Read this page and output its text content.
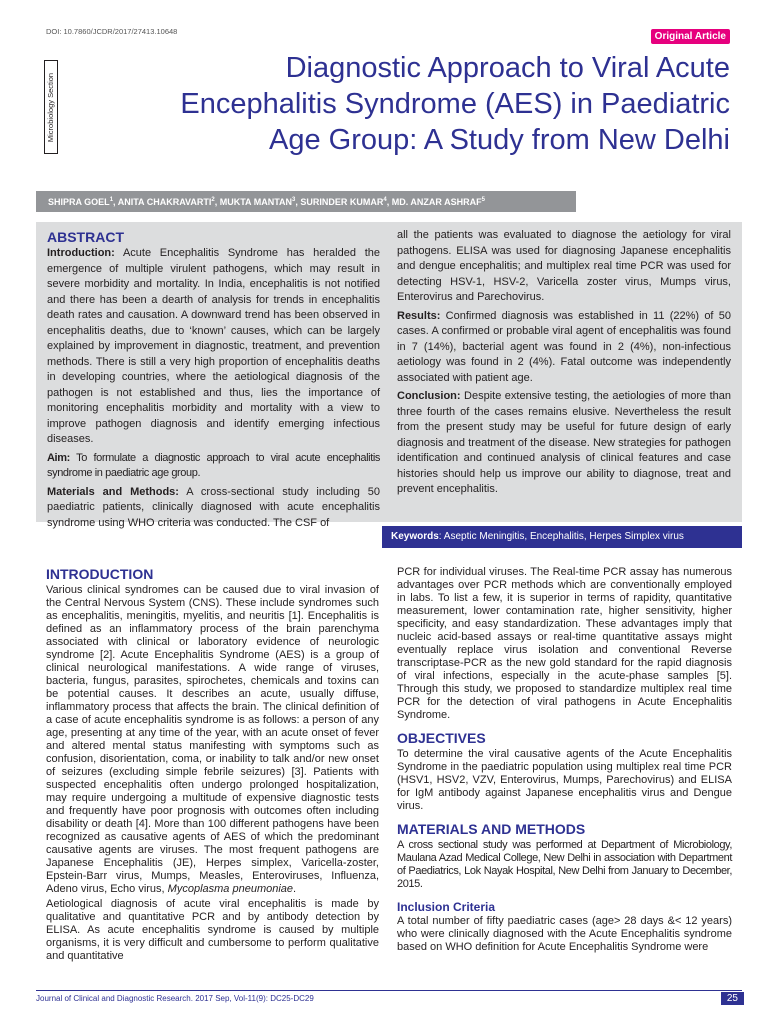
DOI: 10.7860/JCDR/2017/27413.10648	Original Article
Microbiology Section
Diagnostic Approach to Viral Acute
Encephalitis Syndrome (AES) in Paediatric
Age Group: A Study from New Delhi
SHIPRA GOEL$^1$, ANITA CHAKRAVARTI$^2$, MUKTA MANTAN$^3$, SURINDER KUMAR$^4$, MD. ANZAR ASHRAF$^5$
ABSTRACT

Introduction: Acute Encephalitis Syndrome has heralded the emergence of multiple virulent pathogens, which may result in severe morbidity and mortality. In India, encephalitis is not notified and there has been a dearth of analysis for trends in encephalitis death rates and causation. A downward trend has been observed in encephalitis deaths, due to ‘known’ causes, which can be largely explained by improvement in diagnostic, treatment, and prevention methods. There is still a very high proportion of encephalitis deaths in developing countries, where the aetiological diagnosis of the pathogen is not established and thus, lies the importance of monitoring encephalitis morbidity and mortality with a view to improve pathogen diagnosis and identify emerging infectious diseases.

Aim: To formulate a diagnostic approach to viral acute encephalitis syndrome in paediatric age group.

Materials and Methods: A cross-sectional study including 50 paediatric patients, clinically diagnosed with acute encephalitis syndrome using WHO criteria was conducted. The CSF of

all the patients was evaluated to diagnose the aetiology for viral pathogens. ELISA was used for diagnosing Japanese encephalitis and dengue encephalitis; and multiplex real time PCR was used for detecting HSV-1, HSV-2, Varicella zoster virus, Mumps virus, Enterovirus and Parechovirus.

Results: Confirmed diagnosis was established in 11 (22%) of 50 cases. A confirmed or probable viral agent of encephalitis was found in 7 (14%), bacterial agent was found in 2 (4%), non-infectious aetiology was found in 2 (4%). Fatal outcome was independently associated with patient age.

Conclusion: Despite extensive testing, the aetiologies of more than three fourth of the cases remains elusive. Nevertheless the result from the present study may be useful for future design of early diagnosis and treatment of the disease. New strategies for pathogen identification and continued analysis of clinical features and case histories should help us improve our ability to diagnose, treat and prevent encephalitis.

Keywords: Aseptic Meningitis, Encephalitis, Herpes Simplex virus
INTRODUCTION

Various clinical syndromes can be caused due to viral invasion of the Central Nervous System (CNS). These include syndromes such as encephalitis, meningitis, myelitis, and neuritis [1]. Encephalitis is defined as an inflammatory process of the brain parenchyma associated with clinical or laboratory evidence of neurologic syndrome [2]. Acute Encephalitis Syndrome (AES) is a group of clinical neurological manifestations. A wide range of viruses, bacteria, fungus, parasites, spirochetes, chemicals and toxins can be potential causes. It describes an acute, usually diffuse, inflammatory process that affects the brain. The clinical definition of a case of acute encephalitis syndrome is as follows: a person of any age, presenting at any time of the year, with an acute onset of fever and altered mental status manifesting with symptoms such as confusion, disorientation, coma, or inability to talk and/or new onset of seizures (excluding simple febrile seizures) [3]. Patients with suspected encephalitis often undergo prolonged hospitalization, may require undergoing a multitude of expensive diagnostic tests and frequently have poor prognosis with outcomes often including disability or death [4]. More than 100 different pathogens have been recognized as causative agents of AES of which the predominant causative agents are viruses. The most frequent pathogens are Japanese Encephalitis (JE), Herpes simplex, Varicella-zoster, Epstein-Barr virus, Mumps, Measles, Enteroviruses, Influenza, Adeno virus, Echo virus, Mycoplasma pneumoniae.

Aetiological diagnosis of acute viral encephalitis is made by qualitative and quantitative PCR and by antibody detection by ELISA. As acute encephalitis syndrome is caused by multiple organisms, it is very difficult and cumbersome to perform qualitative and quantitative

PCR for individual viruses. The Real-time PCR assay has numerous advantages over PCR methods which are conventionally employed in labs. To list a few, it is superior in terms of rapidity, quantitative measurement, lower contamination rate, higher sensitivity, higher specificity, and easy standardization. These advantages imply that nucleic acid-based assays or real-time quantitative assays might eventually replace virus isolation and conventional Reverse transcriptase-PCR as the new gold standard for the rapid diagnosis of viral infections, especially in the acute-phase samples [5]. Through this study, we proposed to standardize multiplex real time PCR for the detection of viral pathogens in Acute Encephalitis Syndrome.

OBJECTIVES

To determine the viral causative agents of the Acute Encephalitis Syndrome in the paediatric population using multiplex real time PCR (HSV1, HSV2, VZV, Enterovirus, Mumps, Parechovirus) and ELISA for IgM antibody against Japanese encephalitis virus and Dengue virus.

MATERIALS AND METHODS

A cross sectional study was performed at Department of Microbiology, Maulana Azad Medical College, New Delhi in association with Department of Paediatrics, Lok Nayak Hospital, New Delhi from January to December, 2015.

Inclusion Criteria

A total number of fifty paediatric cases (age> 28 days &< 12 years) who were clinically diagnosed with the Acute Encephalitis syndrome based on WHO definition for Acute Encephalitis Syndrome were

Journal of Clinical and Diagnostic Research. 2017 Sep, Vol-11(9): DC25-DC29	25
